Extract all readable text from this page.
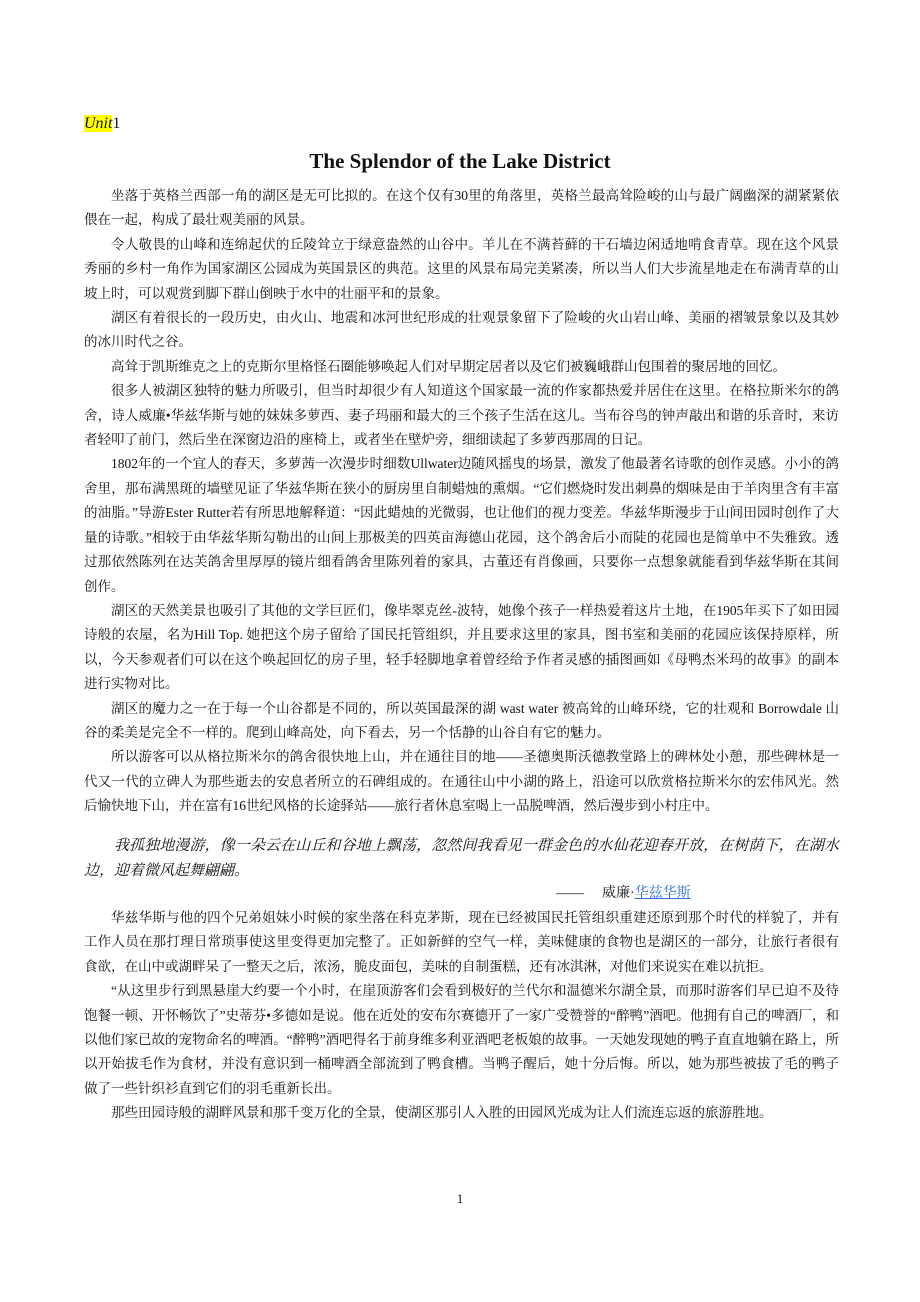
Unit1
The Splendor of the Lake District

坐落于英格兰西部一角的湖区是无可比拟的。在这个仅有30里的角落里，英格兰最高耸险峻的山与最广阔幽深的湖紧紧依偎在一起，构成了最壮观美丽的风景。

令人敬畏的山峰和连绵起伏的丘陵耸立于绿意盎然的山谷中。羊儿在不满苔藓的干石墙边闲适地啃食青草。现在这个风景秀丽的乡村一角作为国家湖区公园成为英国景区的典范。这里的风景布局完美紧凑，所以当人们大步流星地走在布满青草的山坡上时，可以观赏到脚下群山倒映于水中的壮丽平和的景象。

湖区有着很长的一段历史，由火山、地震和冰河世纪形成的壮观景象留下了险峻的火山岩山峰、美丽的褶皱景象以及其妙的冰川时代之谷。

高耸于凯斯维克之上的克斯尔里格怪石圈能够唤起人们对早期定居者以及它们被巍峨群山包围着的聚居地的回忆。

很多人被湖区独特的魅力所吸引，但当时却很少有人知道这个国家最一流的作家都热爱并居住在这里。在格拉斯米尔的鸽舍，诗人威廉•华兹华斯与她的妹妹多萝西、妻子玛丽和最大的三个孩子生活在这儿。当布谷鸟的钟声敲出和谐的乐音时，来访者轻叩了前门，然后坐在深窗边沿的座椅上，或者坐在壁炉旁，细细读起了多萝西那周的日记。

1802年的一个宜人的春天，多萝茜一次漫步时细数Ullwater边随风摇曳的场景，激发了他最著名诗歌的创作灵感。小小的鸽舍里，那布满黑斑的墙壁见证了华兹华斯在狭小的厨房里自制蜡烛的熏烟。“它们燃烧时发出刺鼻的烟味是由于羊肉里含有丰富的油脂。”导游Ester Rutter若有所思地解释道：“因此蜡烛的光微弱，也让他们的视力变差。华兹华斯漫步于山间田园时创作了大量的诗歌。”相较于由华兹华斯勾勒出的山间上那极美的四英亩海德山花园，这个鸽舍后小而陡的花园也是简单中不失雅致。透过那依然陈列在达芙鸽舍里厚厚的镜片细看鸽舍里陈列着的家具，古董还有肖像画，只要你一点想象就能看到华兹华斯在其间创作。

湖区的天然美景也吸引了其他的文学巨匠们，像毕翠克丝-波特，她像个孩子一样热爱着这片土地，在1905年买下了如田园诗般的农屋，名为Hill Top. 她把这个房子留给了国民托管组织，并且要求这里的家具，图书室和美丽的花园应该保持原样，所以，今天参观者们可以在这个唤起回忆的房子里，轻手轻脚地拿着曾经给予作者灵感的插图画如《母鸭杰米玛的故事》的副本进行实物对比。

湖区的魔力之一在于每一个山谷都是不同的，所以英国最深的湖 wast water 被高耸的山峰环绕，它的壮观和 Borrowdale 山谷的柔美是完全不一样的。爬到山峰高处，向下看去，另一个恬静的山谷自有它的魅力。

所以游客可以从格拉斯米尔的鸽舍很快地上山，并在通往目的地——圣德奥斯沃德教堂路上的碑林处小憩，那些碑林是一代又一代的立碑人为那些逝去的安息者所立的石碑组成的。在通往山中小湖的路上，沿途可以欣赏格拉斯米尔的宏伟风光。然后愉快地下山，并在富有16世纪风格的长途驿站——旅行者休息室喝上一品脱啤酒，然后漫步到小村庄中。

我孤独地漫游，像一朵云在山丘和谷地上飘荡，忽然间我看见一群金色的水仙花迎春开放，在树荫下，在湖水边，迎着微风起舞翩翩。

—— 威廉·华兹华斯

华兹华斯与他的四个兄弟姐妹小时候的家坐落在科克茅斯，现在已经被国民托管组织重建还原到那个时代的样貌了，并有工作人员在那打理日常琐事使这里变得更加完整了。正如新鲜的空气一样，美味健康的食物也是湖区的一部分，让旅行者很有食欲，在山中或湖畔呆了一整天之后，浓汤，脆皮面包，美味的自制蛋糕，还有冰淇淋，对他们来说实在难以抗拒。

“从这里步行到黑悬崖大约要一个小时，在崖顶游客们会看到极好的兰代尔和温德米尔湖全景，而那时游客们早已迫不及待饱餐一顿、开怀畅饮了”史蒂芬•多德如是说。他在近处的安布尔赛德开了一家广受赞誉的“醉鸭”酒吧。他拥有自己的啤酒厂，和以他们家已故的宠物命名的啤酒。“醉鸭”酒吧得名于前身维多利亚酒吧老板娘的故事。一天她发现她的鸭子直直地躺在路上，所以开始拔毛作为食材，并没有意识到一桶啤酒全部流到了鸭食槽。当鸭子醒后，她十分后悔。所以，她为那些被拔了毛的鸭子做了一些针织衫直到它们的羽毛重新长出。

那些田园诗般的湖畔风景和那千变万化的全景，使湖区那引人入胜的田园风光成为让人们流连忘返的旅游胜地。

1
